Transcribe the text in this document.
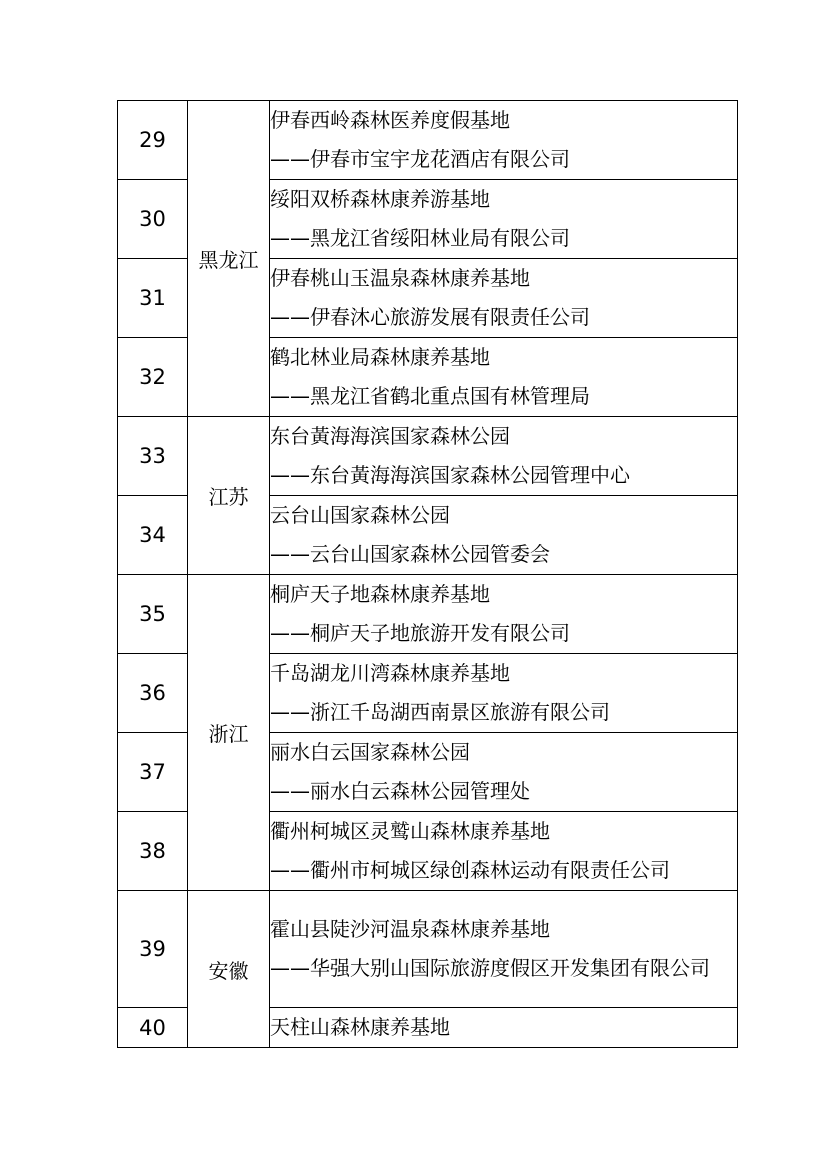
29	黑龙江	伊春西岭森林医养度假基地
——伊春市宝宇龙花酒店有限公司

30		绥阳双桥森林康养游基地
——黑龙江省绥阳林业局有限公司

31		伊春桃山玉温泉森林康养基地
——伊春沐心旅游发展有限责任公司

32		鹤北林业局森林康养基地
——黑龙江省鹤北重点国有林管理局

33	江苏	东台黃海海滨国家森林公园
——东台黃海海滨国家森林公园管理中心

34		云台山国家森林公园
——云台山国家森林公园管委会

35	浙江	桐庐天子地森林康养基地
——桐庐天子地旅游开发有限公司

36		千岛湖龙川湾森林康养基地
——浙江千岛湖西南景区旅游有限公司

37		丽水白云国家森林公园
——丽水白云森林公园管理处

38		衢州柯城区灵鹫山森林康养基地
——衢州市柯城区绿创森林运动有限责任公司

39	安徽	霍山县陡沙河温泉森林康养基地
——华强大别山国际旅游度假区开发集团有限公司

40		天柱山森林康养基地
